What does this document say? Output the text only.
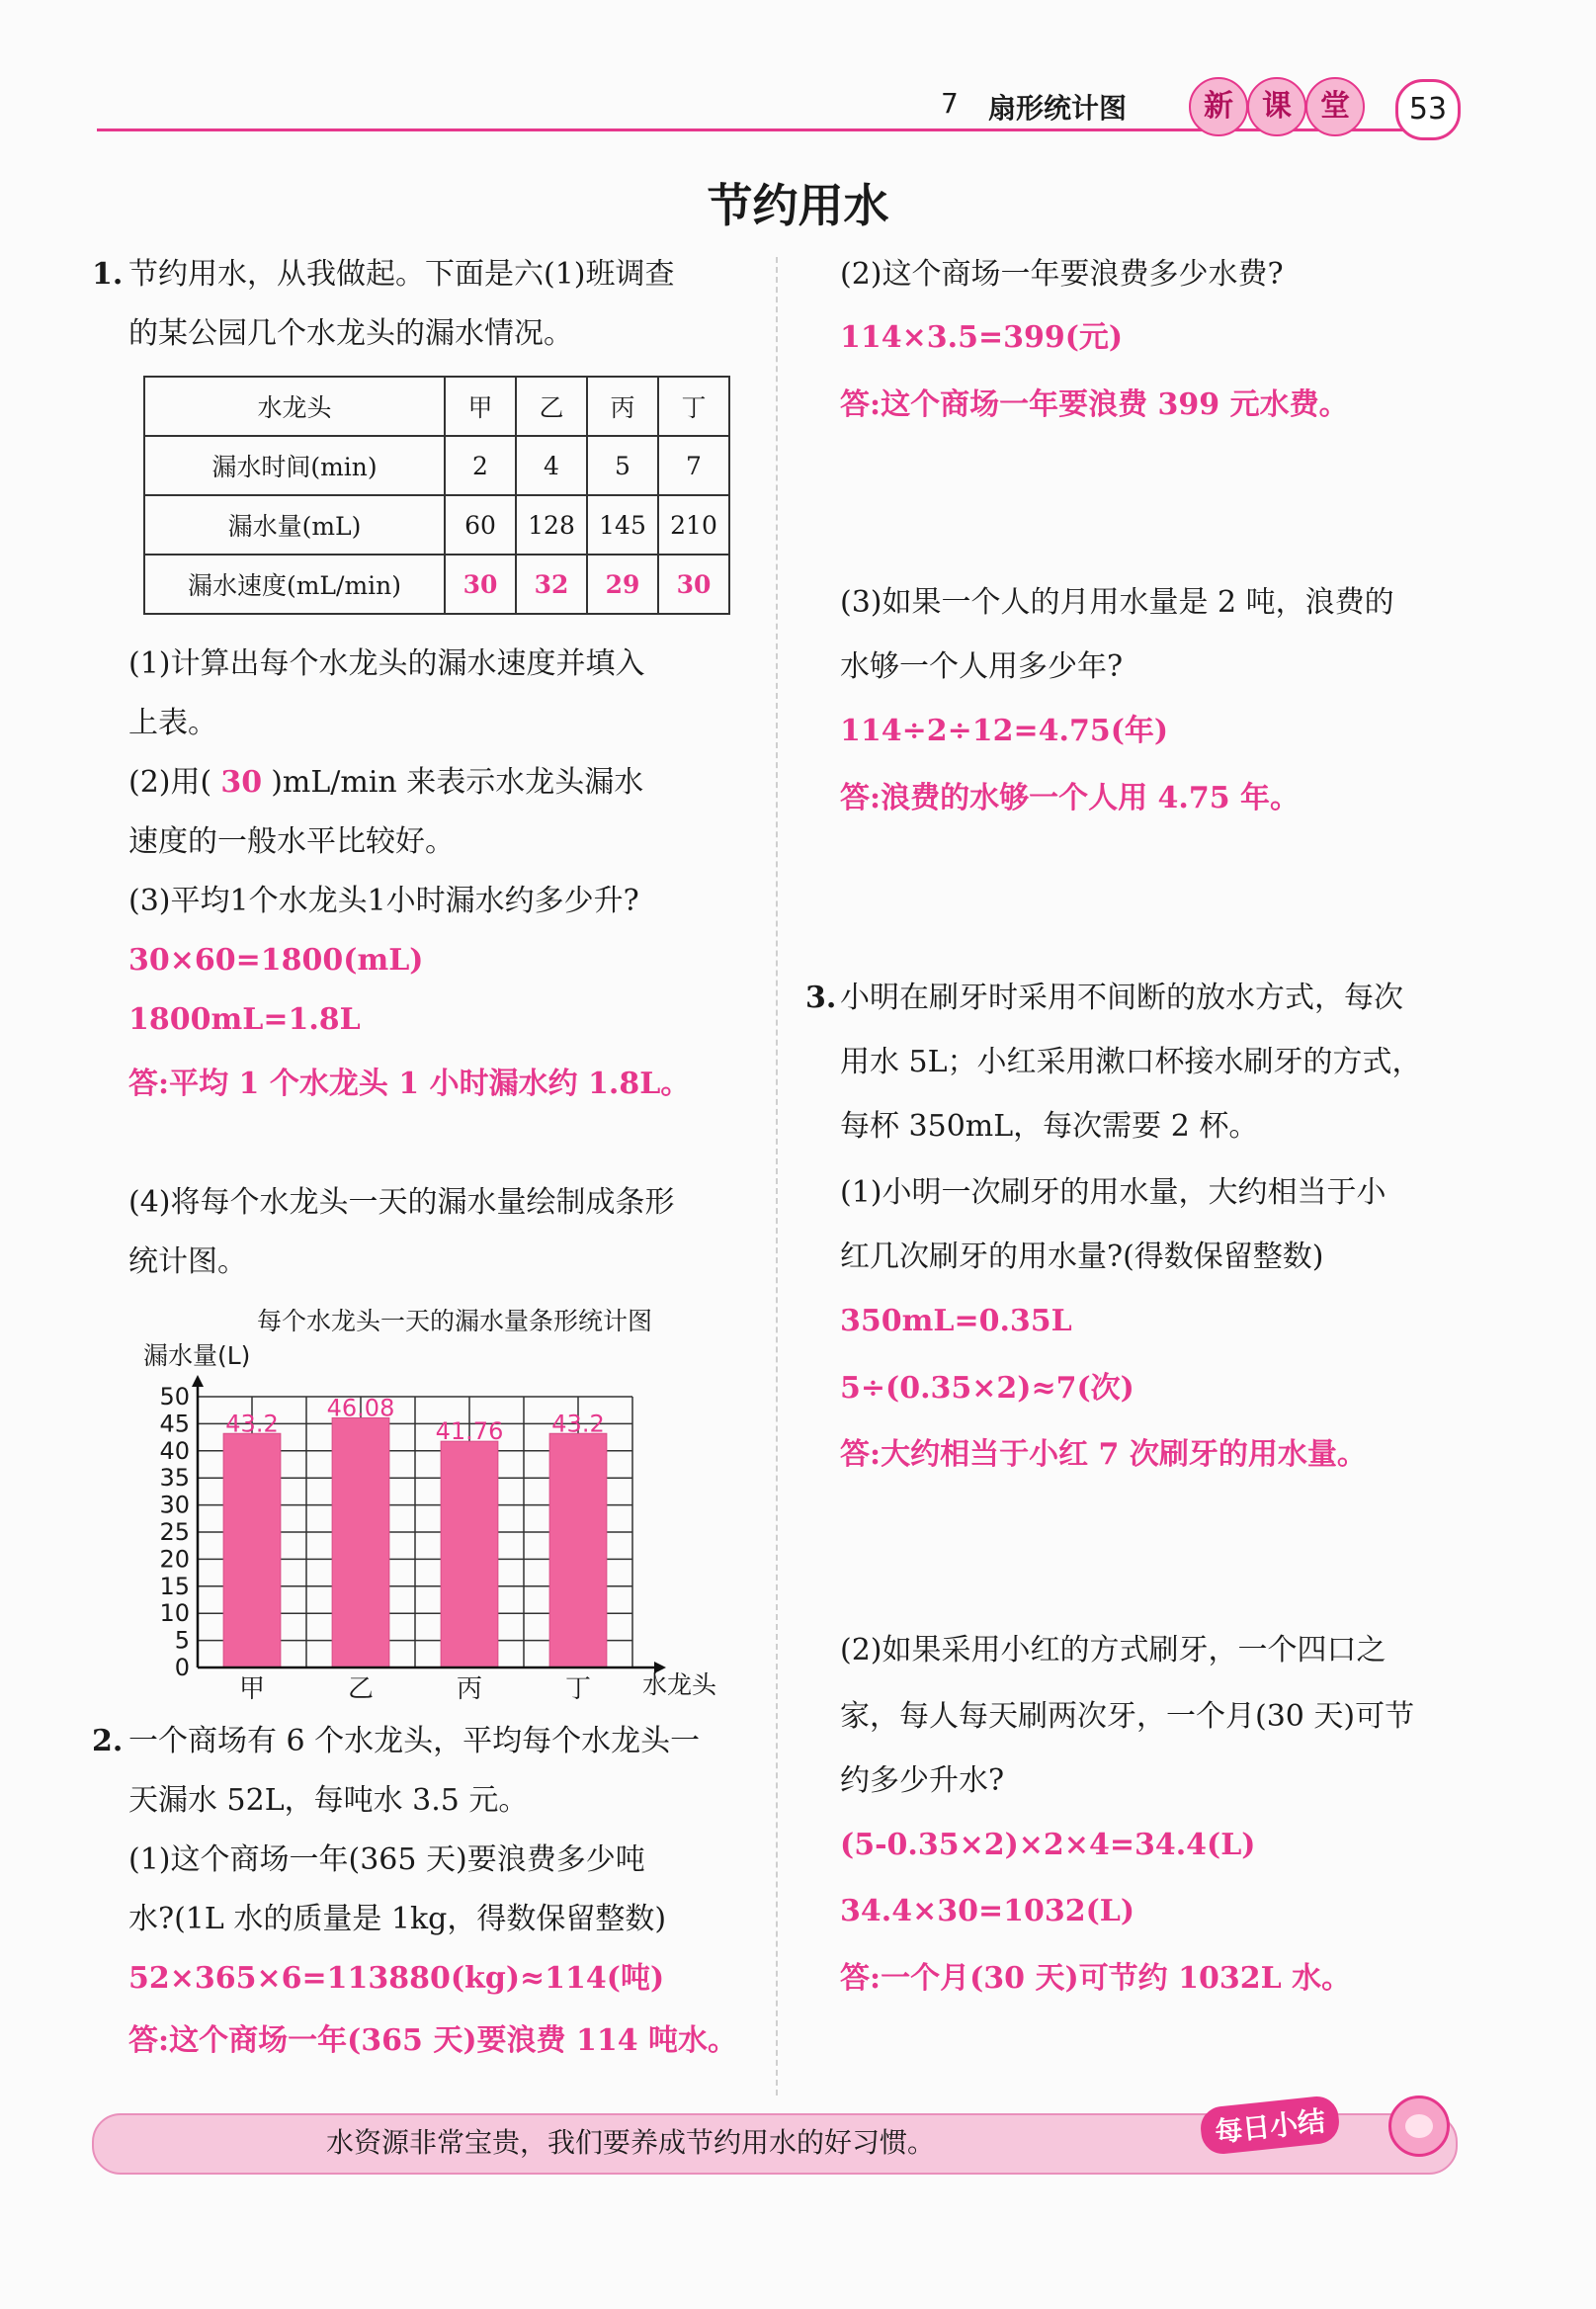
7 扇形统计图	新 课 堂	53
节约用水
1. 节约用水，从我做起。下面是六(1)班调查
的某公园几个水龙头的漏水情况。
水龙头	甲	乙	丙	丁
漏水时间(min)	2	4	5	7
漏水量(mL)	60	128	145	210
漏水速度(mL/min)	30	32	29	30
(1)计算出每个水龙头的漏水速度并填入
上表。
(2)用( 30 )mL/min 来表示水龙头漏水
速度的一般水平比较好。
(3)平均1个水龙头1小时漏水约多少升?
30×60=1800(mL)
1800mL=1.8L
答:平均 1 个水龙头 1 小时漏水约 1.8L。
(4)将每个水龙头一天的漏水量绘制成条形
统计图。
每个水龙头一天的漏水量条形统计图
漏水量(L)
水龙头
0
5
10
15
20
25
30
35
40
45
50
43.2
甲
46.08
乙
41.76
丙
43.2
丁
2. 一个商场有 6 个水龙头，平均每个水龙头一
天漏水 52L，每吨水 3.5 元。
(1)这个商场一年(365 天)要浪费多少吨
水?(1L 水的质量是 1kg，得数保留整数)
52×365×6=113880(kg)≈114(吨)
答:这个商场一年(365 天)要浪费 114 吨水。
(2)这个商场一年要浪费多少水费?
114×3.5=399(元)
答:这个商场一年要浪费 399 元水费。
(3)如果一个人的月用水量是 2 吨，浪费的
水够一个人用多少年?
114÷2÷12=4.75(年)
答:浪费的水够一个人用 4.75 年。
3. 小明在刷牙时采用不间断的放水方式，每次
用水 5L；小红采用漱口杯接水刷牙的方式，
每杯 350mL，每次需要 2 杯。
(1)小明一次刷牙的用水量，大约相当于小
红几次刷牙的用水量?(得数保留整数)
350mL=0.35L
5÷(0.35×2)≈7(次)
答:大约相当于小红 7 次刷牙的用水量。
(2)如果采用小红的方式刷牙，一个四口之
家，每人每天刷两次牙，一个月(30 天)可节
约多少升水?
(5-0.35×2)×2×4=34.4(L)
34.4×30=1032(L)
答:一个月(30 天)可节约 1032L 水。
水资源非常宝贵，我们要养成节约用水的好习惯。	每日小结
